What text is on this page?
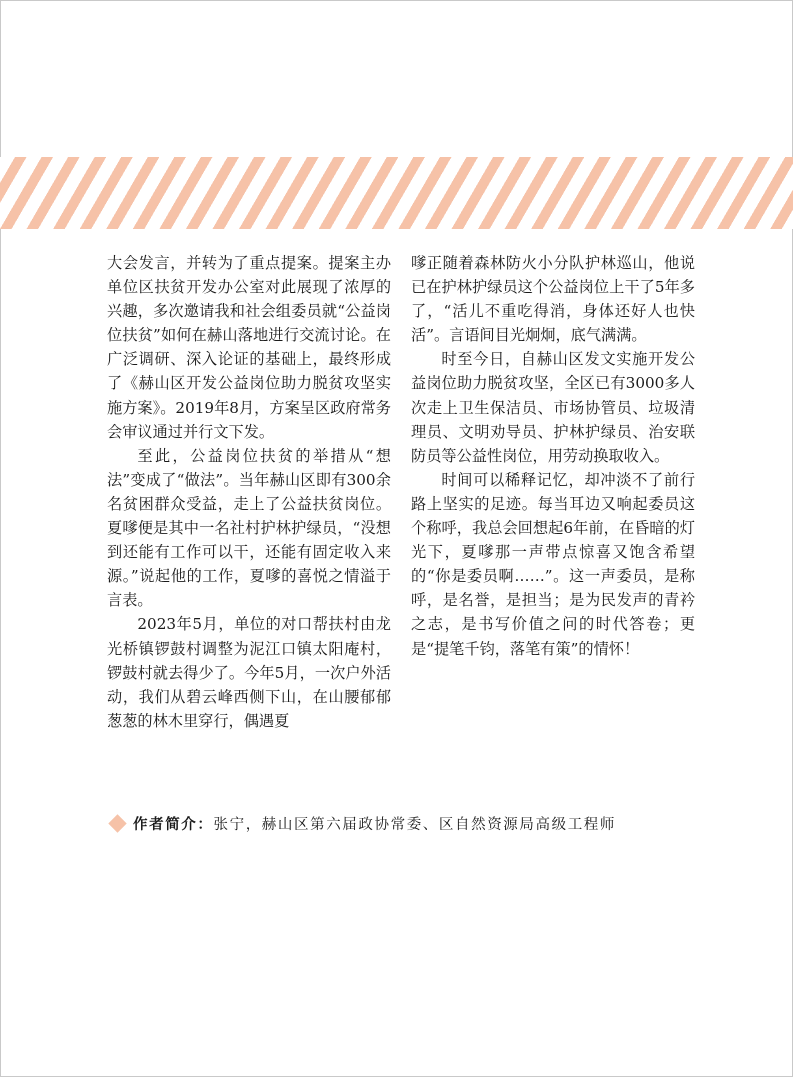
大会发言，并转为了重点提案。提案主办单位区扶贫开发办公室对此展现了浓厚的兴趣，多次邀请我和社会组委员就“公益岗位扶贫”如何在赫山落地进行交流讨论。在广泛调研、深入论证的基础上，最终形成了《赫山区开发公益岗位助力脱贫攻坚实施方案》。2019年8月，方案呈区政府常务会审议通过并行文下发。

至此，公益岗位扶贫的举措从“想法”变成了“做法”。当年赫山区即有300余名贫困群众受益，走上了公益扶贫岗位。夏嗲便是其中一名社村护林护绿员，“没想到还能有工作可以干，还能有固定收入来源。”说起他的工作，夏嗲的喜悦之情溢于言表。

2023年5月，单位的对口帮扶村由龙光桥镇锣鼓村调整为泥江口镇太阳庵村，锣鼓村就去得少了。今年5月，一次户外活动，我们从碧云峰西侧下山，在山腰郁郁葱葱的林木里穿行，偶遇夏

嗲正随着森林防火小分队护林巡山，他说已在护林护绿员这个公益岗位上干了5年多了，“活儿不重吃得消，身体还好人也快活”。言语间目光炯炯，底气满满。

时至今日，自赫山区发文实施开发公益岗位助力脱贫攻坚，全区已有3000多人次走上卫生保洁员、市场协管员、垃圾清理员、文明劝导员、护林护绿员、治安联防员等公益性岗位，用劳动换取收入。

时间可以稀释记忆，却冲淡不了前行路上坚实的足迹。每当耳边又响起委员这个称呼，我总会回想起6年前，在昏暗的灯光下，夏嗲那一声带点惊喜又饱含希望的“你是委员啊……”。这一声委员，是称呼，是名誉，是担当；是为民发声的青衿之志，是书写价值之问的时代答卷；更是“提笔千钧，落笔有策”的情怀！

作者简介： 张宁，赫山区第六届政协常委、区自然资源局高级工程师
